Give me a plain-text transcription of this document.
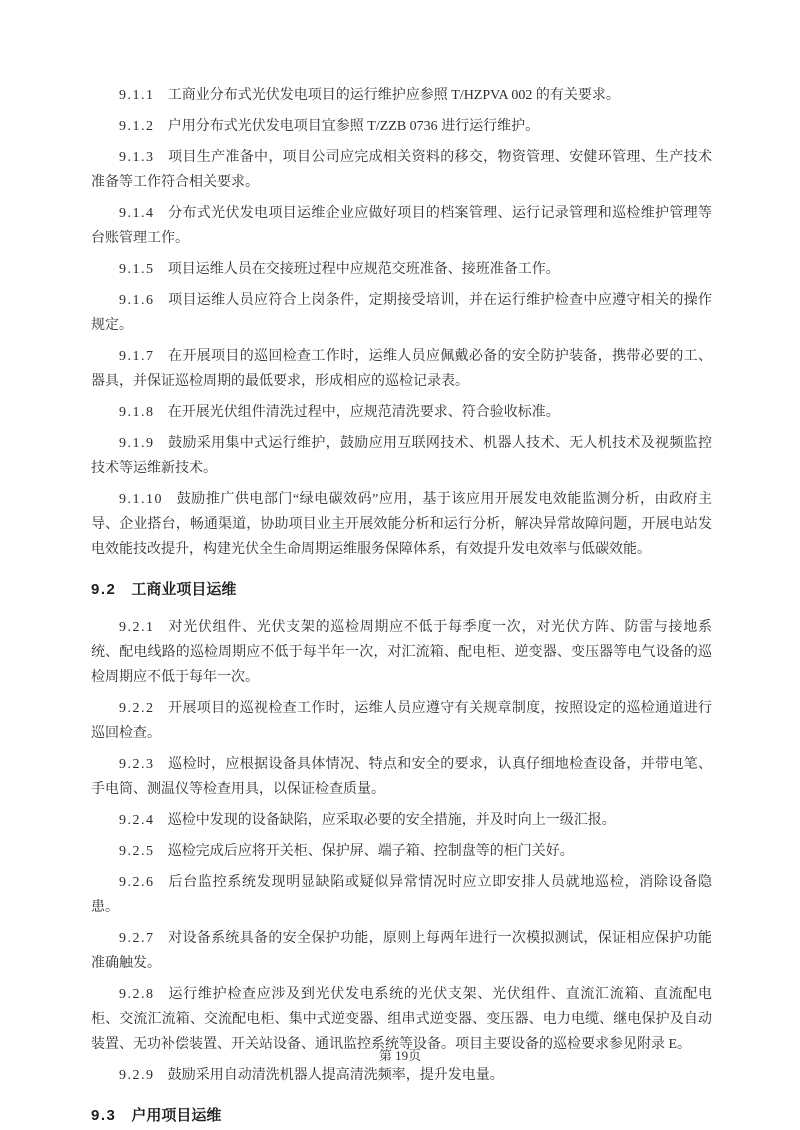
9.1.1 工商业分布式光伏发电项目的运行维护应参照 T/HZPVA 002 的有关要求。

9.1.2 户用分布式光伏发电项目宜参照 T/ZZB 0736 进行运行维护。

9.1.3 项目生产准备中，项目公司应完成相关资料的移交，物资管理、安健环管理、生产技术准备等工作符合相关要求。

9.1.4 分布式光伏发电项目运维企业应做好项目的档案管理、运行记录管理和巡检维护管理等台账管理工作。

9.1.5 项目运维人员在交接班过程中应规范交班准备、接班准备工作。

9.1.6 项目运维人员应符合上岗条件，定期接受培训，并在运行维护检查中应遵守相关的操作规定。

9.1.7 在开展项目的巡回检查工作时，运维人员应佩戴必备的安全防护装备，携带必要的工、器具，并保证巡检周期的最低要求，形成相应的巡检记录表。

9.1.8 在开展光伏组件清洗过程中，应规范清洗要求、符合验收标准。

9.1.9 鼓励采用集中式运行维护，鼓励应用互联网技术、机器人技术、无人机技术及视频监控技术等运维新技术。

9.1.10 鼓励推广供电部门“绿电碳效码”应用，基于该应用开展发电效能监测分析，由政府主导、企业搭台，畅通渠道，协助项目业主开展效能分析和运行分析，解决异常故障问题，开展电站发电效能技改提升，构建光伏全生命周期运维服务保障体系，有效提升发电效率与低碳效能。

9.2 工商业项目运维

9.2.1 对光伏组件、光伏支架的巡检周期应不低于每季度一次，对光伏方阵、防雷与接地系统、配电线路的巡检周期应不低于每半年一次，对汇流箱、配电柜、逆变器、变压器等电气设备的巡检周期应不低于每年一次。

9.2.2 开展项目的巡视检查工作时，运维人员应遵守有关规章制度，按照设定的巡检通道进行巡回检查。

9.2.3 巡检时，应根据设备具体情况、特点和安全的要求，认真仔细地检查设备，并带电笔、手电筒、测温仪等检查用具，以保证检查质量。

9.2.4 巡检中发现的设备缺陷，应采取必要的安全措施，并及时向上一级汇报。

9.2.5 巡检完成后应将开关柜、保护屏、端子箱、控制盘等的柜门关好。

9.2.6 后台监控系统发现明显缺陷或疑似异常情况时应立即安排人员就地巡检，消除设备隐患。

9.2.7 对设备系统具备的安全保护功能，原则上每两年进行一次模拟测试，保证相应保护功能准确触发。

9.2.8 运行维护检查应涉及到光伏发电系统的光伏支架、光伏组件、直流汇流箱、直流配电柜、交流汇流箱、交流配电柜、集中式逆变器、组串式逆变器、变压器、电力电缆、继电保护及自动装置、无功补偿装置、开关站设备、通讯监控系统等设备。项目主要设备的巡检要求参见附录 E。

9.2.9 鼓励采用自动清洗机器人提高清洗频率，提升发电量。

9.3 户用项目运维
第 19页
